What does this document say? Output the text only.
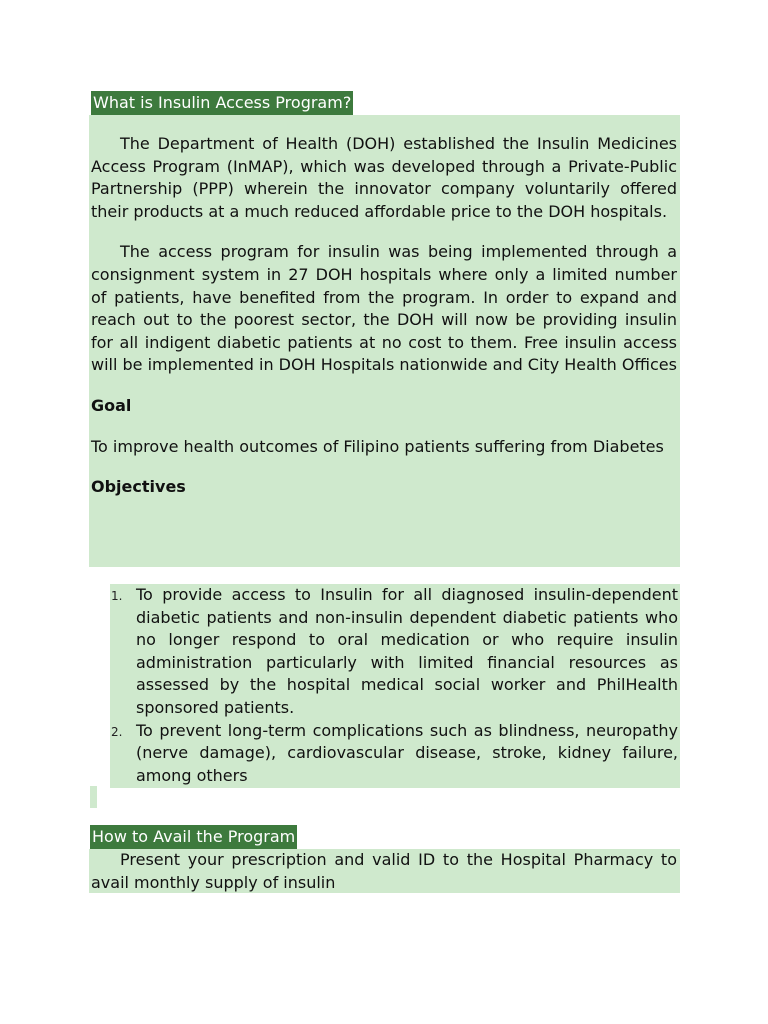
What is Insulin Access Program?

The Department of Health (DOH) established the Insulin Medicines Access Program (InMAP), which was developed through a Private-Public Partnership (PPP) wherein the innovator company voluntarily offered their products at a much reduced affordable price to the DOH hospitals.

The access program for insulin was being implemented through a consignment system in 27 DOH hospitals where only a limited number of patients, have benefited from the program. In order to expand and reach out to the poorest sector, the DOH will now be providing insulin for all indigent diabetic patients at no cost to them. Free insulin access will be implemented in DOH Hospitals nationwide and City Health Offices

Goal

To improve health outcomes of Filipino patients suffering from Diabetes

Objectives

1. To provide access to Insulin for all diagnosed insulin-dependent diabetic patients and non-insulin dependent diabetic patients who no longer respond to oral medication or who require insulin administration particularly with limited financial resources as assessed by the hospital medical social worker and PhilHealth sponsored patients.
2. To prevent long-term complications such as blindness, neuropathy (nerve damage), cardiovascular disease, stroke, kidney failure, among others
How to Avail the Program

Present your prescription and valid ID to the Hospital Pharmacy to avail monthly supply of insulin
